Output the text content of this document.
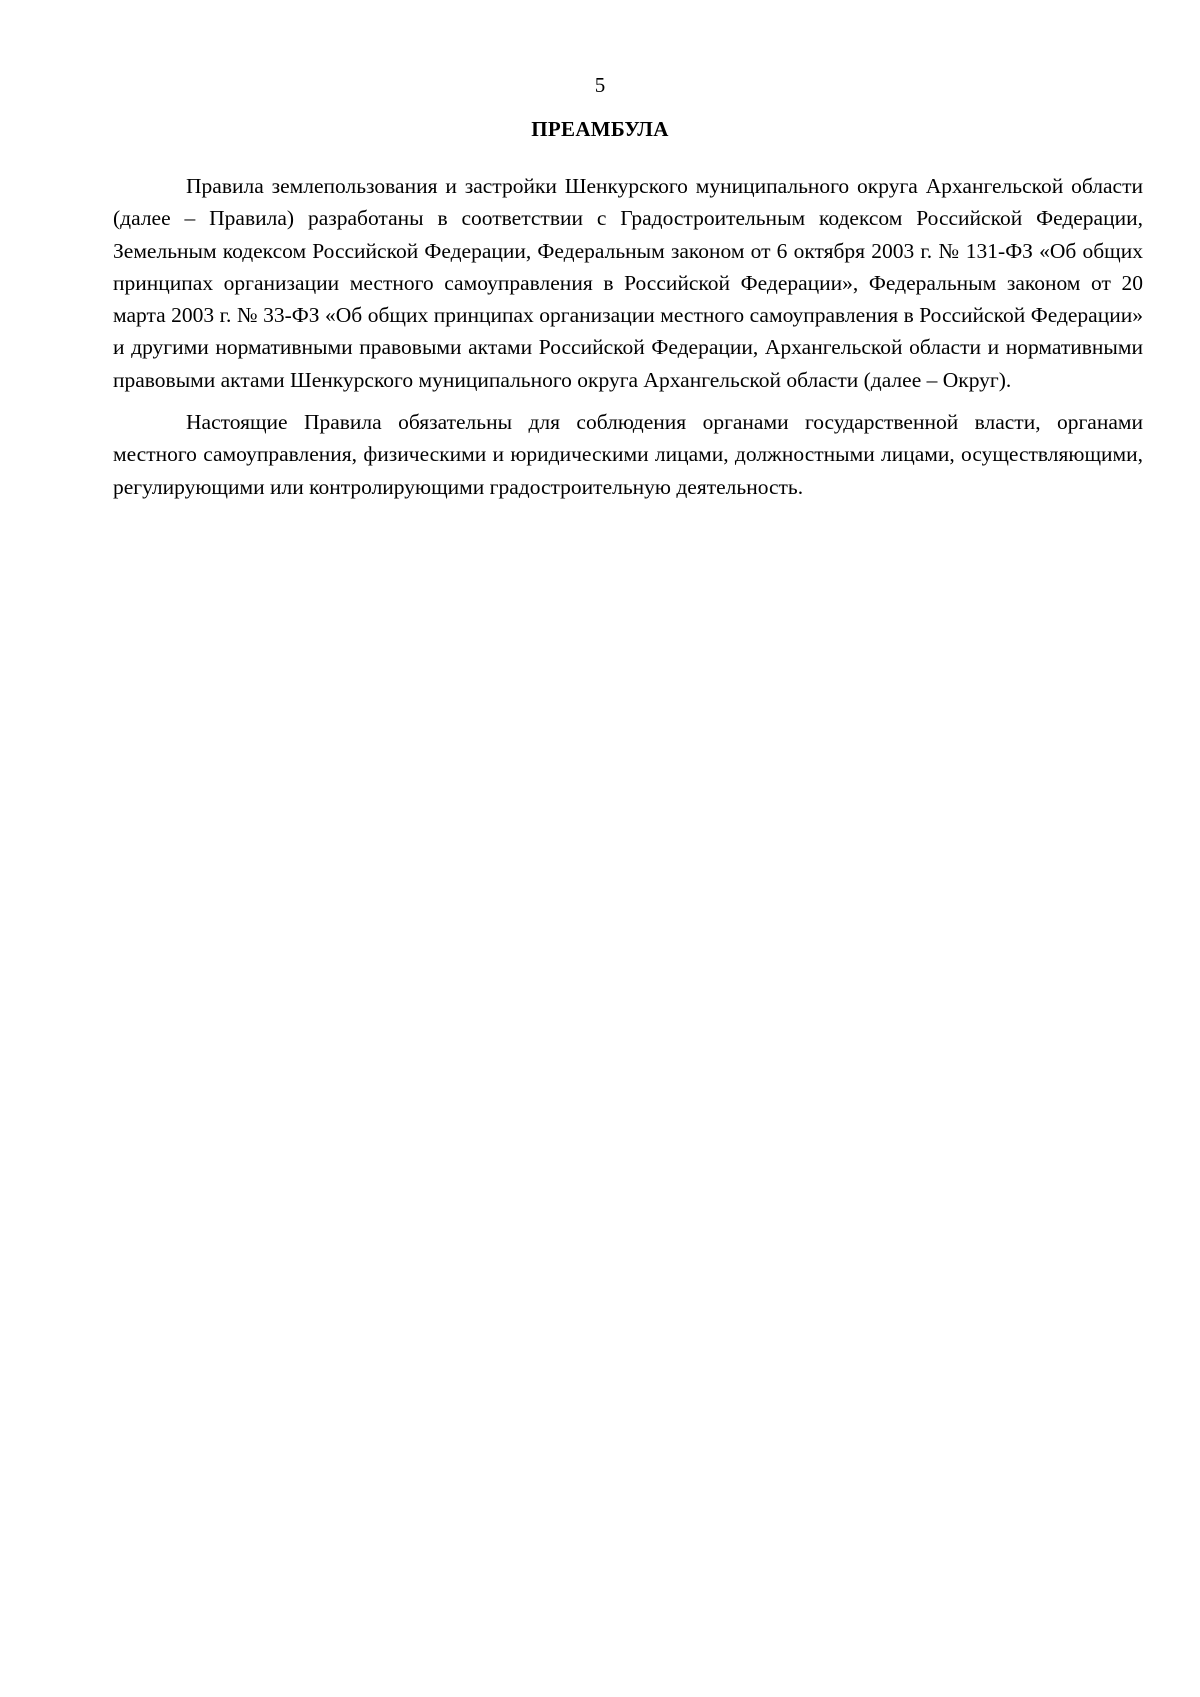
5
ПРЕАМБУЛА

Правила землепользования и застройки Шенкурского муниципального округа Архангельской области (далее – Правила) разработаны в соответствии с Градостроительным кодексом Российской Федерации, Земельным кодексом Российской Федерации, Федеральным законом от 6 октября 2003 г. № 131-ФЗ «Об общих принципах организации местного самоуправления в Российской Федерации», Федеральным законом от 20 марта 2003 г. № 33-ФЗ «Об общих принципах организации местного самоуправления в Российской Федерации» и другими нормативными правовыми актами Российской Федерации, Архангельской области и нормативными правовыми актами Шенкурского муниципального округа Архангельской области (далее – Округ).

Настоящие Правила обязательны для соблюдения органами государственной власти, органами местного самоуправления, физическими и юридическими лицами, должностными лицами, осуществляющими, регулирующими или контролирующими градостроительную деятельность.
